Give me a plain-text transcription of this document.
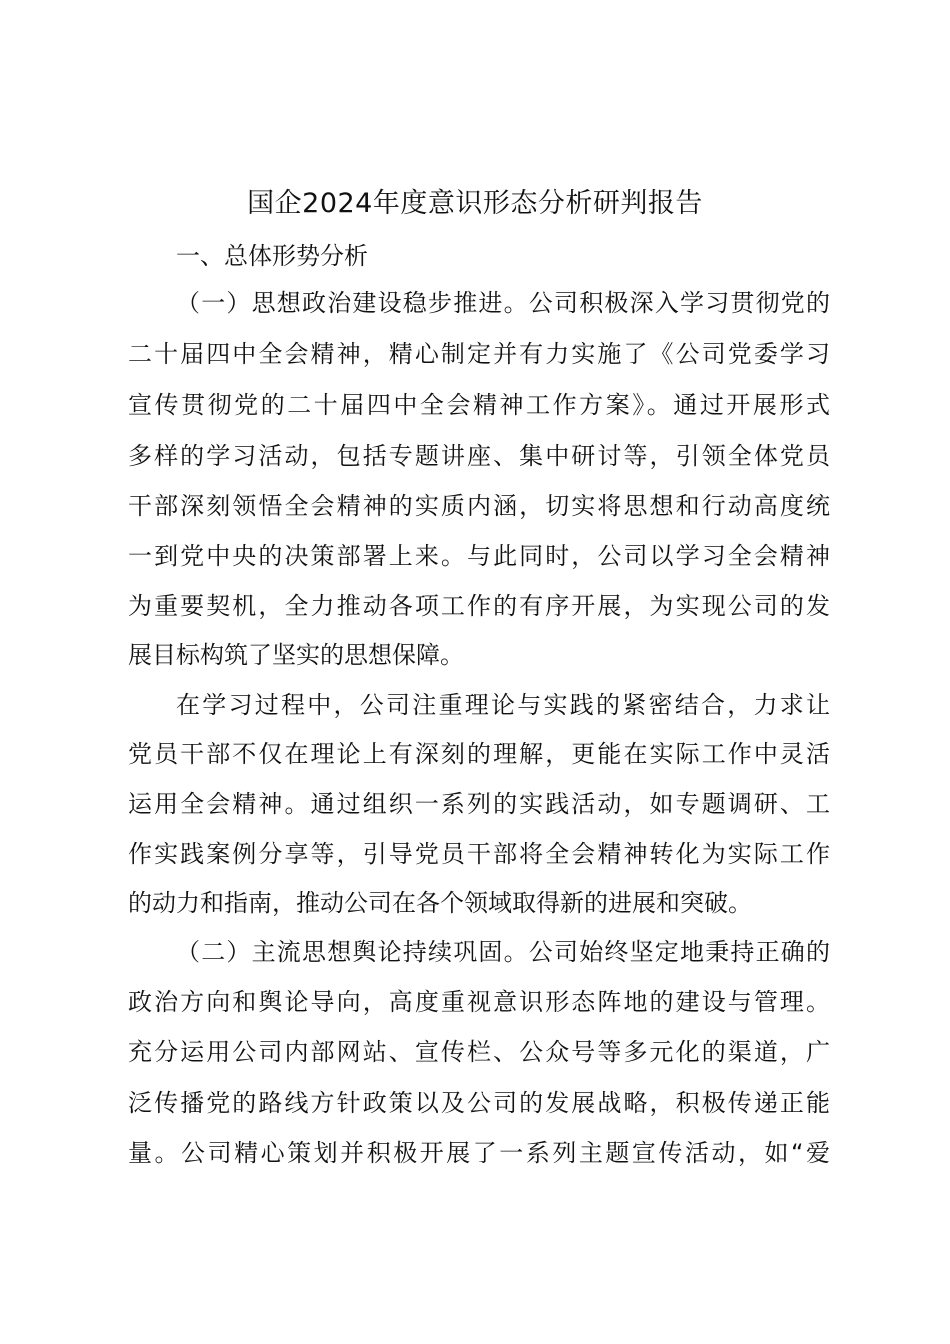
国企2024年度意识形态分析研判报告
一、总体形势分析
（一）思想政治建设稳步推进。公司积极深入学习贯彻党的
二十届四中全会精神，精心制定并有力实施了《公司党委学习
宣传贯彻党的二十届四中全会精神工作方案》。通过开展形式
多样的学习活动，包括专题讲座、集中研讨等，引领全体党员
干部深刻领悟全会精神的实质内涵，切实将思想和行动高度统
一到党中央的决策部署上来。与此同时，公司以学习全会精神
为重要契机，全力推动各项工作的有序开展，为实现公司的发
展目标构筑了坚实的思想保障。
在学习过程中，公司注重理论与实践的紧密结合，力求让
党员干部不仅在理论上有深刻的理解，更能在实际工作中灵活
运用全会精神。通过组织一系列的实践活动，如专题调研、工
作实践案例分享等，引导党员干部将全会精神转化为实际工作
的动力和指南，推动公司在各个领域取得新的进展和突破。
（二）主流思想舆论持续巩固。公司始终坚定地秉持正确的
政治方向和舆论导向，高度重视意识形态阵地的建设与管理。
充分运用公司内部网站、宣传栏、公众号等多元化的渠道，广
泛传播党的路线方针政策以及公司的发展战略，积极传递正能
量。公司精心策划并积极开展了一系列主题宣传活动，如“爱
